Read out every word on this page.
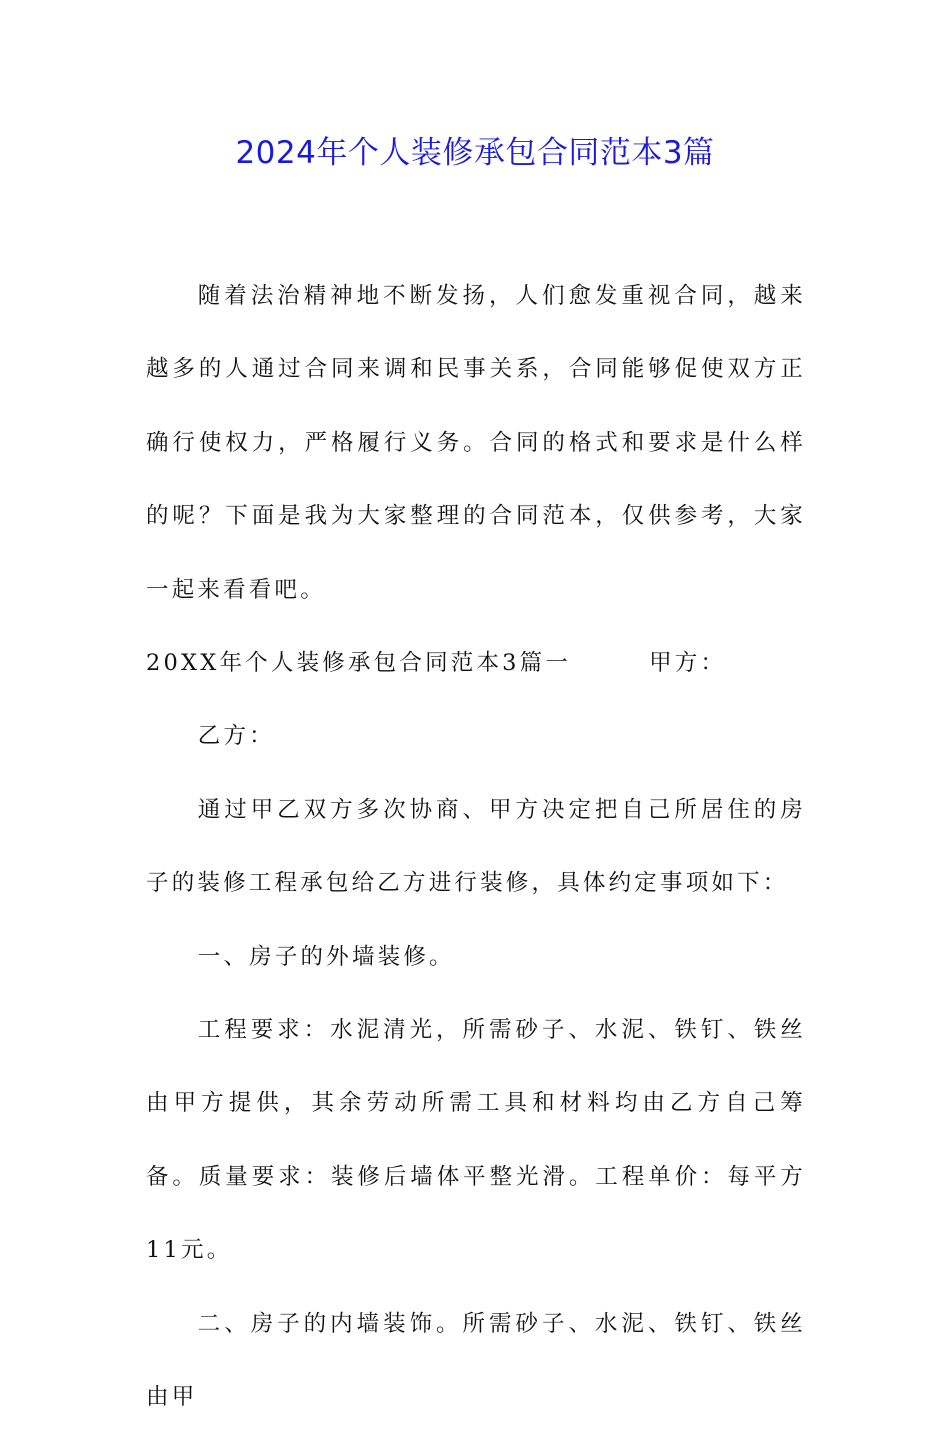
2024年个人装修承包合同范本3篇

随着法治精神地不断发扬，人们愈发重视合同，越来越多的人通过合同来调和民事关系，合同能够促使双方正确行使权力，严格履行义务。合同的格式和要求是什么样的呢？下面是我为大家整理的合同范本，仅供参考，大家一起来看看吧。

20XX年个人装修承包合同范本3篇一	甲方：

乙方：

通过甲乙双方多次协商、甲方决定把自己所居住的房子的装修工程承包给乙方进行装修，具体约定事项如下：

一、房子的外墙装修。

工程要求：水泥清光，所需砂子、水泥、铁钉、铁丝由甲方提供，其余劳动所需工具和材料均由乙方自己筹备。质量要求：装修后墙体平整光滑。工程单价：每平方11元。

二、房子的内墙装饰。所需砂子、水泥、铁钉、铁丝由甲
